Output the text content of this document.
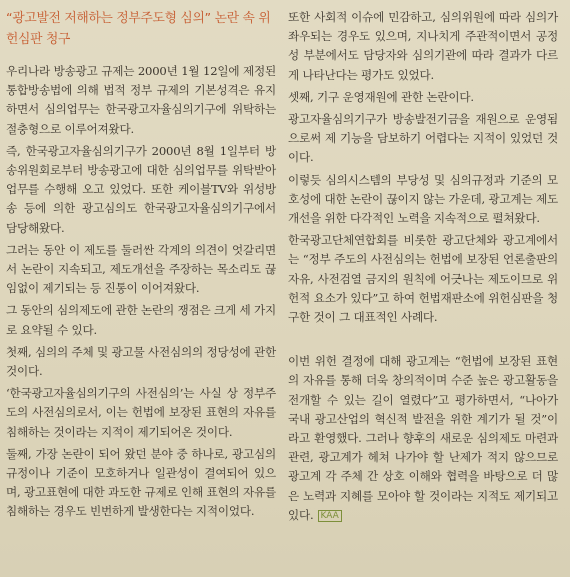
“광고발전 저해하는 정부주도형 심의” 논란 속 위헌심판 청구

우리나라 방송광고 규제는 2000년 1월 12일에 제정된 통합방송법에 의해 법적 정부 규제의 기본성격은 유지하면서 심의업무는 한국광고자율심의기구에 위탁하는 절충형으로 이루어져왔다.

즉, 한국광고자율심의기구가 2000년 8월 1일부터 방송위원회로부터 방송광고에 대한 심의업무를 위탁받아 업무를 수행해 오고 있었다. 또한 케이블TV와 위성방송 등에 의한 광고심의도 한국광고자율심의기구에서 담당해왔다.

그러는 동안 이 제도를 둘러싼 각계의 의견이 엇갈리면서 논란이 지속되고, 제도개선을 주장하는 목소리도 끊임없이 제기되는 등 진통이 이어져왔다.

그 동안의 심의제도에 관한 논란의 쟁점은 크게 세 가지로 요약될 수 있다.

첫째, 심의의 주체 및 광고물 사전심의의 정당성에 관한 것이다.

‘한국광고자율심의기구의 사전심의’는 사실 상 정부주도의 사전심의로서, 이는 헌법에 보장된 표현의 자유를 침해하는 것이라는 지적이 제기되어온 것이다.

둘째, 가장 논란이 되어 왔던 분야 중 하나로, 광고심의 규정이나 기준이 모호하거나 일관성이 결여되어 있으며, 광고표현에 대한 과도한 규제로 인해 표현의 자유를 침해하는 경우도 빈번하게 발생한다는 지적이었다.

또한 사회적 이슈에 민감하고, 심의위원에 따라 심의가 좌우되는 경우도 있으며, 지나치게 주관적이면서 공정성 부분에서도 담당자와 심의기관에 따라 결과가 다르게 나타난다는 평가도 있었다.

셋째, 기구 운영재원에 관한 논란이다.

광고자율심의기구가 방송발전기금을 재원으로 운영됨으로써 제 기능을 담보하기 어렵다는 지적이 있었던 것이다.

이렇듯 심의시스템의 부당성 및 심의규정과 기준의 모호성에 대한 논란이 끊이지 않는 가운데, 광고계는 제도개선을 위한 다각적인 노력을 지속적으로 펼쳐왔다.

한국광고단체연합회를 비롯한 광고단체와 광고계에서는 “정부 주도의 사전심의는 헌법에 보장된 언론출판의 자유, 사전검열 금지의 원칙에 어긋나는 제도이므로 위헌적 요소가 있다”고 하여 헌법재판소에 위헌심판을 청구한 것이 그 대표적인 사례다.

이번 위헌 결정에 대해 광고계는 “헌법에 보장된 표현의 자유를 통해 더욱 창의적이며 수준 높은 광고활동을 전개할 수 있는 길이 열렸다”고 평가하면서, “나아가 국내 광고산업의 혁신적 발전을 위한 계기가 될 것”이라고 환영했다. 그러나 향후의 새로운 심의제도 마련과 관련, 광고계가 헤쳐 나가야 할 난제가 적지 않으므로 광고계 각 주체 간 상호 이해와 협력을 바탕으로 더 많은 노력과 지혜를 모아야 할 것이라는 지적도 제기되고 있다. KAA
